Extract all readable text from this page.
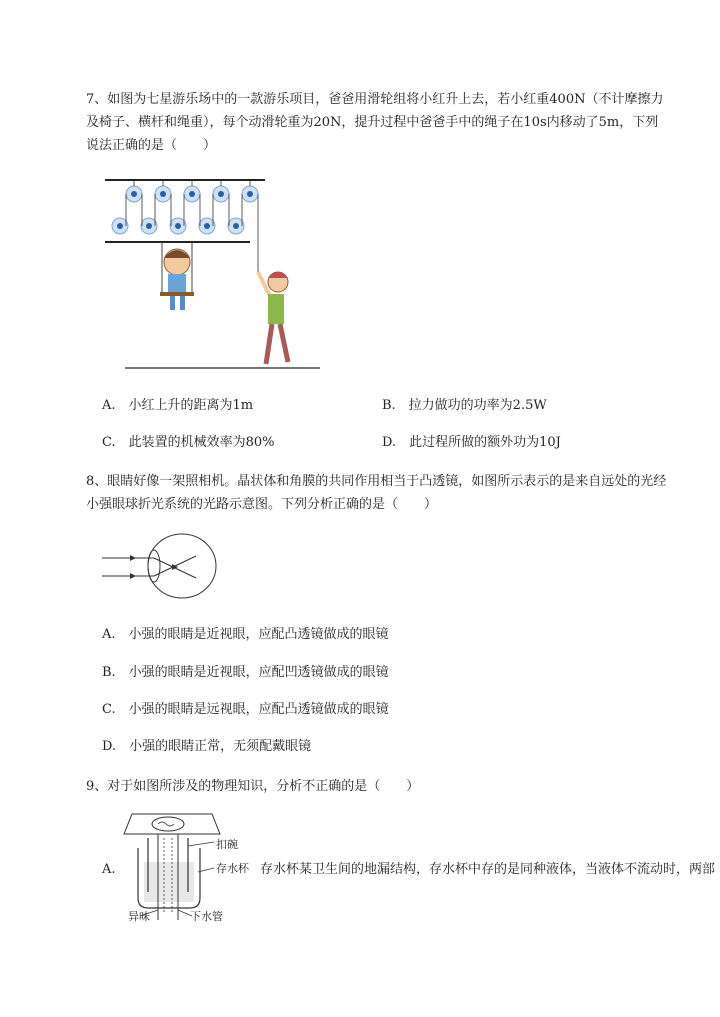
7、如图为七星游乐场中的一款游乐项目，爸爸用滑轮组将小红升上去，若小红重400N（不计摩擦力
及椅子、横杆和绳重），每个动滑轮重为20N，提升过程中爸爸手中的绳子在10s内移动了5m，下列
说法正确的是（　　）
A.　小红上升的距离为1m	B.　拉力做功的功率为2.5W
C.　此装置的机械效率为80%	D.　此过程所做的额外功为10J
8、眼睛好像一架照相机。晶状体和角膜的共同作用相当于凸透镜，如图所示表示的是来自远处的光经
小强眼球折光系统的光路示意图。下列分析正确的是（　　）
A.　小强的眼睛是近视眼，应配凸透镜做成的眼镜
B.　小强的眼睛是近视眼，应配凹透镜做成的眼镜
C.　小强的眼睛是远视眼，应配凸透镜做成的眼镜
D.　小强的眼睛正常，无须配戴眼镜
9、对于如图所涉及的物理知识，分析不正确的是（　　）
扣碗
存水杯
异味	下水管
A.	存水杯某卫生间的地漏结构，存水杯中存的是同种液体，当液体不流动时，两部
